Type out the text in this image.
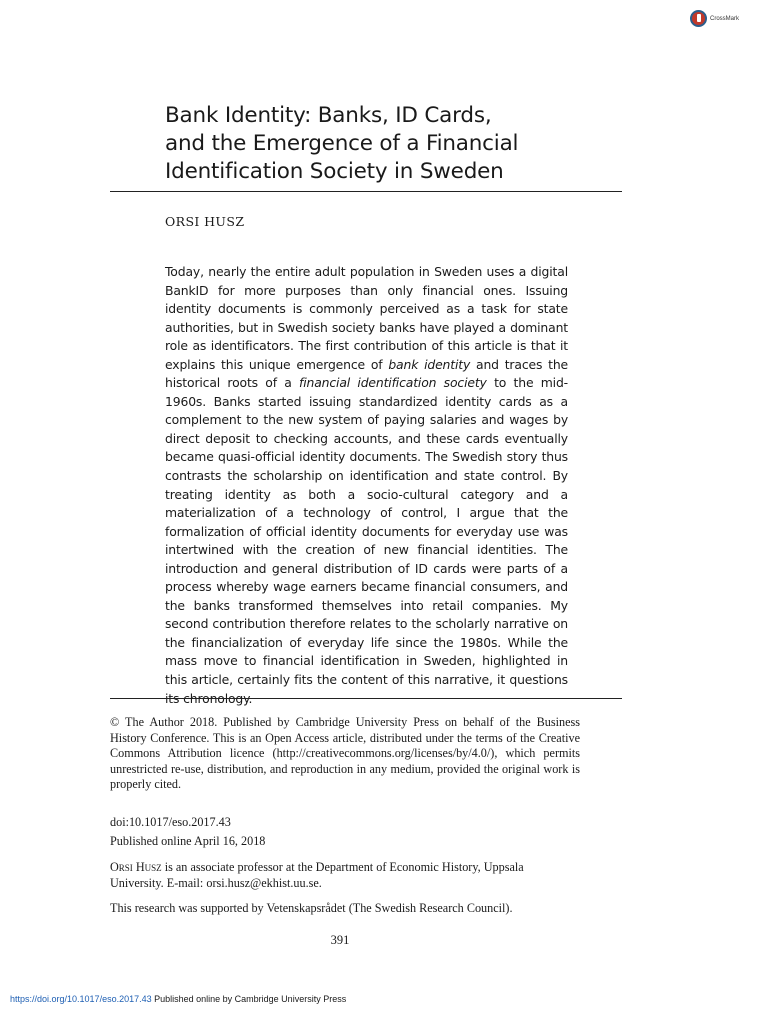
CrossMark
Bank Identity: Banks, ID Cards,
and the Emergence of a Financial
Identification Society in Sweden
ORSI HUSZ

Today, nearly the entire adult population in Sweden uses a digital BankID for more purposes than only financial ones. Issuing identity documents is commonly perceived as a task for state authorities, but in Swedish society banks have played a dominant role as identificators. The first contribution of this article is that it explains this unique emergence of bank identity and traces the historical roots of a financial identification society to the mid-1960s. Banks started issuing standardized identity cards as a complement to the new system of paying salaries and wages by direct deposit to checking accounts, and these cards eventually became quasi-official identity documents. The Swedish story thus contrasts the scholarship on identification and state control. By treating identity as both a socio-cultural category and a materialization of a technology of control, I argue that the formalization of official identity documents for everyday use was intertwined with the creation of new financial identities. The introduction and general distribution of ID cards were parts of a process whereby wage earners became financial consumers, and the banks transformed themselves into retail companies. My second contribution therefore relates to the scholarly narrative on the financialization of everyday life since the 1980s. While the mass move to financial identification in Sweden, highlighted in this article, certainly fits the content of this narrative, it questions its chronology.

© The Author 2018. Published by Cambridge University Press on behalf of the Business History Conference. This is an Open Access article, distributed under the terms of the Creative Commons Attribution licence (http://creativecommons.org/licenses/by/4.0/), which permits unrestricted re-use, distribution, and reproduction in any medium, provided the original work is properly cited.

doi:10.1017/eso.2017.43

Published online April 16, 2018

Orsi Husz is an associate professor at the Department of Economic History, Uppsala University. E-mail: orsi.husz@ekhist.uu.se.

This research was supported by Vetenskapsrådet (The Swedish Research Council).

391
https://doi.org/10.1017/eso.2017.43 Published online by Cambridge University Press
